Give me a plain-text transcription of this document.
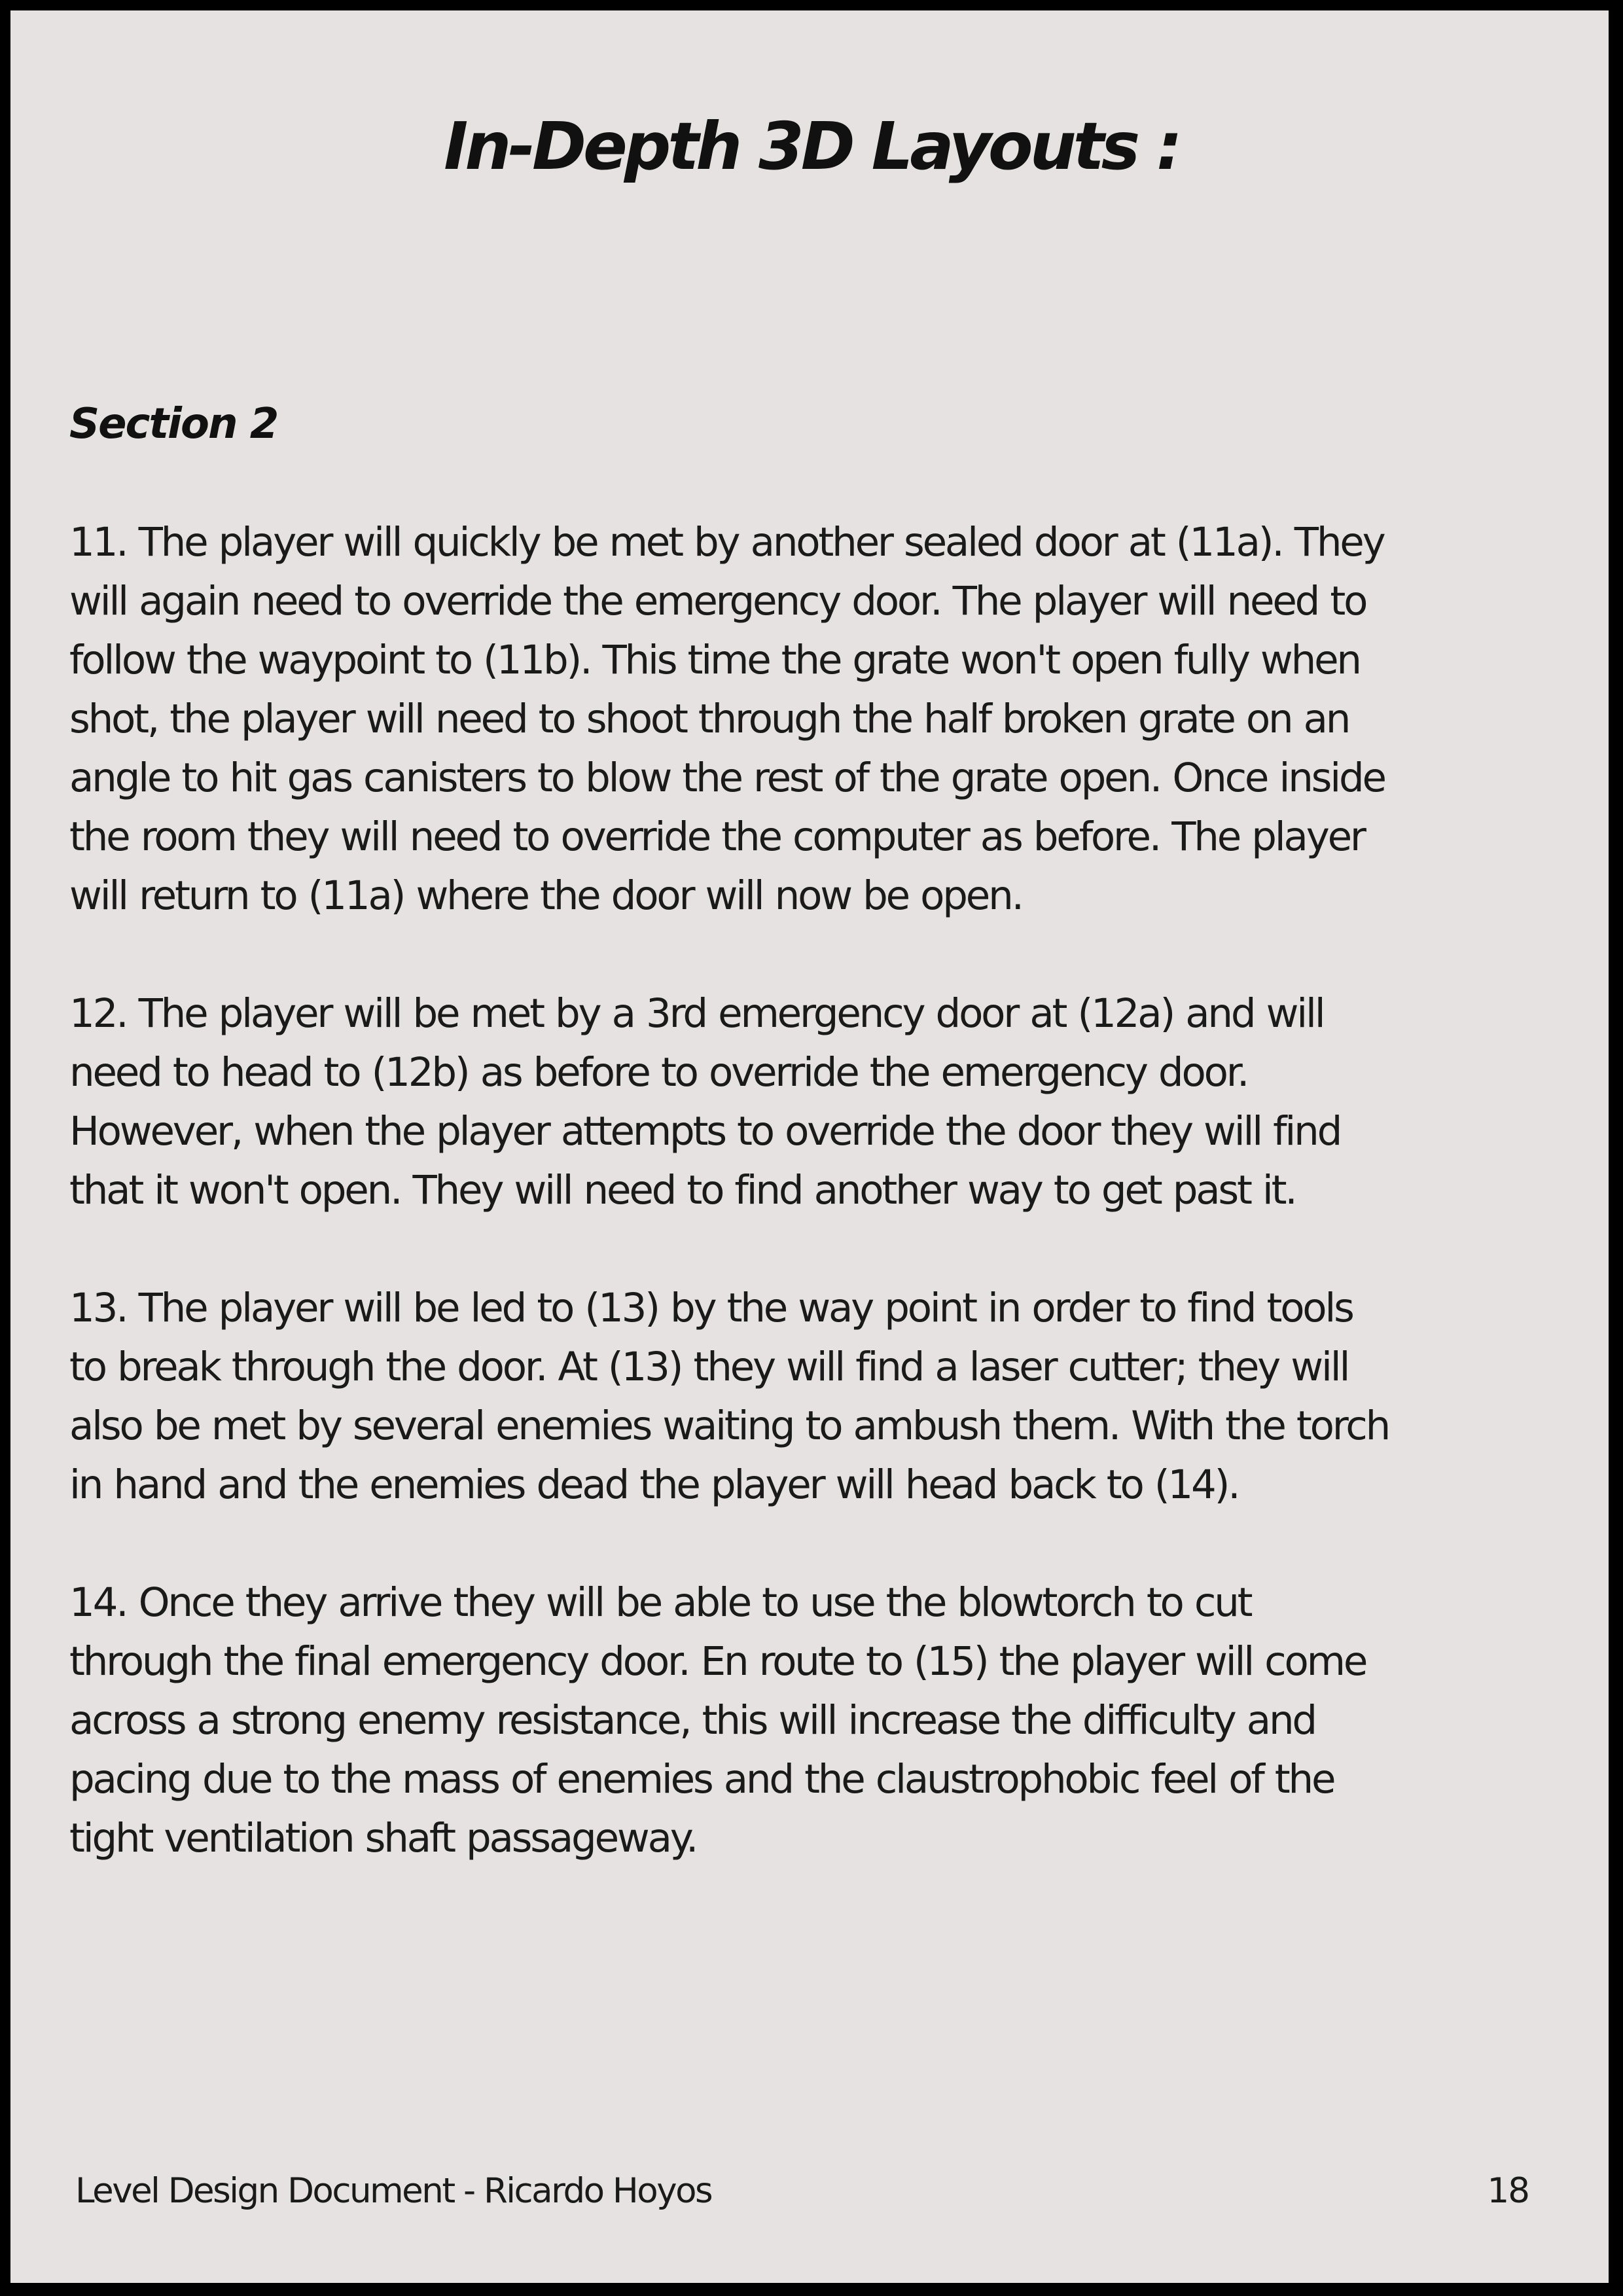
In-Depth 3D Layouts :
Section 2

11. The player will quickly be met by another sealed door at (11a). They
will again need to override the emergency door. The player will need to
follow the waypoint to (11b). This time the grate won't open fully when
shot, the player will need to shoot through the half broken grate on an
angle to hit gas canisters to blow the rest of the grate open. Once inside
the room they will need to override the computer as before. The player
will return to (11a) where the door will now be open.

12. The player will be met by a 3rd emergency door at (12a) and will
need to head to (12b) as before to override the emergency door.
However, when the player attempts to override the door they will find
that it won't open. They will need to find another way to get past it.

13. The player will be led to (13) by the way point in order to find tools
to break through the door. At (13) they will find a laser cutter; they will
also be met by several enemies waiting to ambush them. With the torch
in hand and the enemies dead the player will head back to (14).

14. Once they arrive they will be able to use the blowtorch to cut
through the final emergency door. En route to (15) the player will come
across a strong enemy resistance, this will increase the difficulty and
pacing due to the mass of enemies and the claustrophobic feel of the
tight ventilation shaft passageway.

Level Design Document - Ricardo Hoyos	18
